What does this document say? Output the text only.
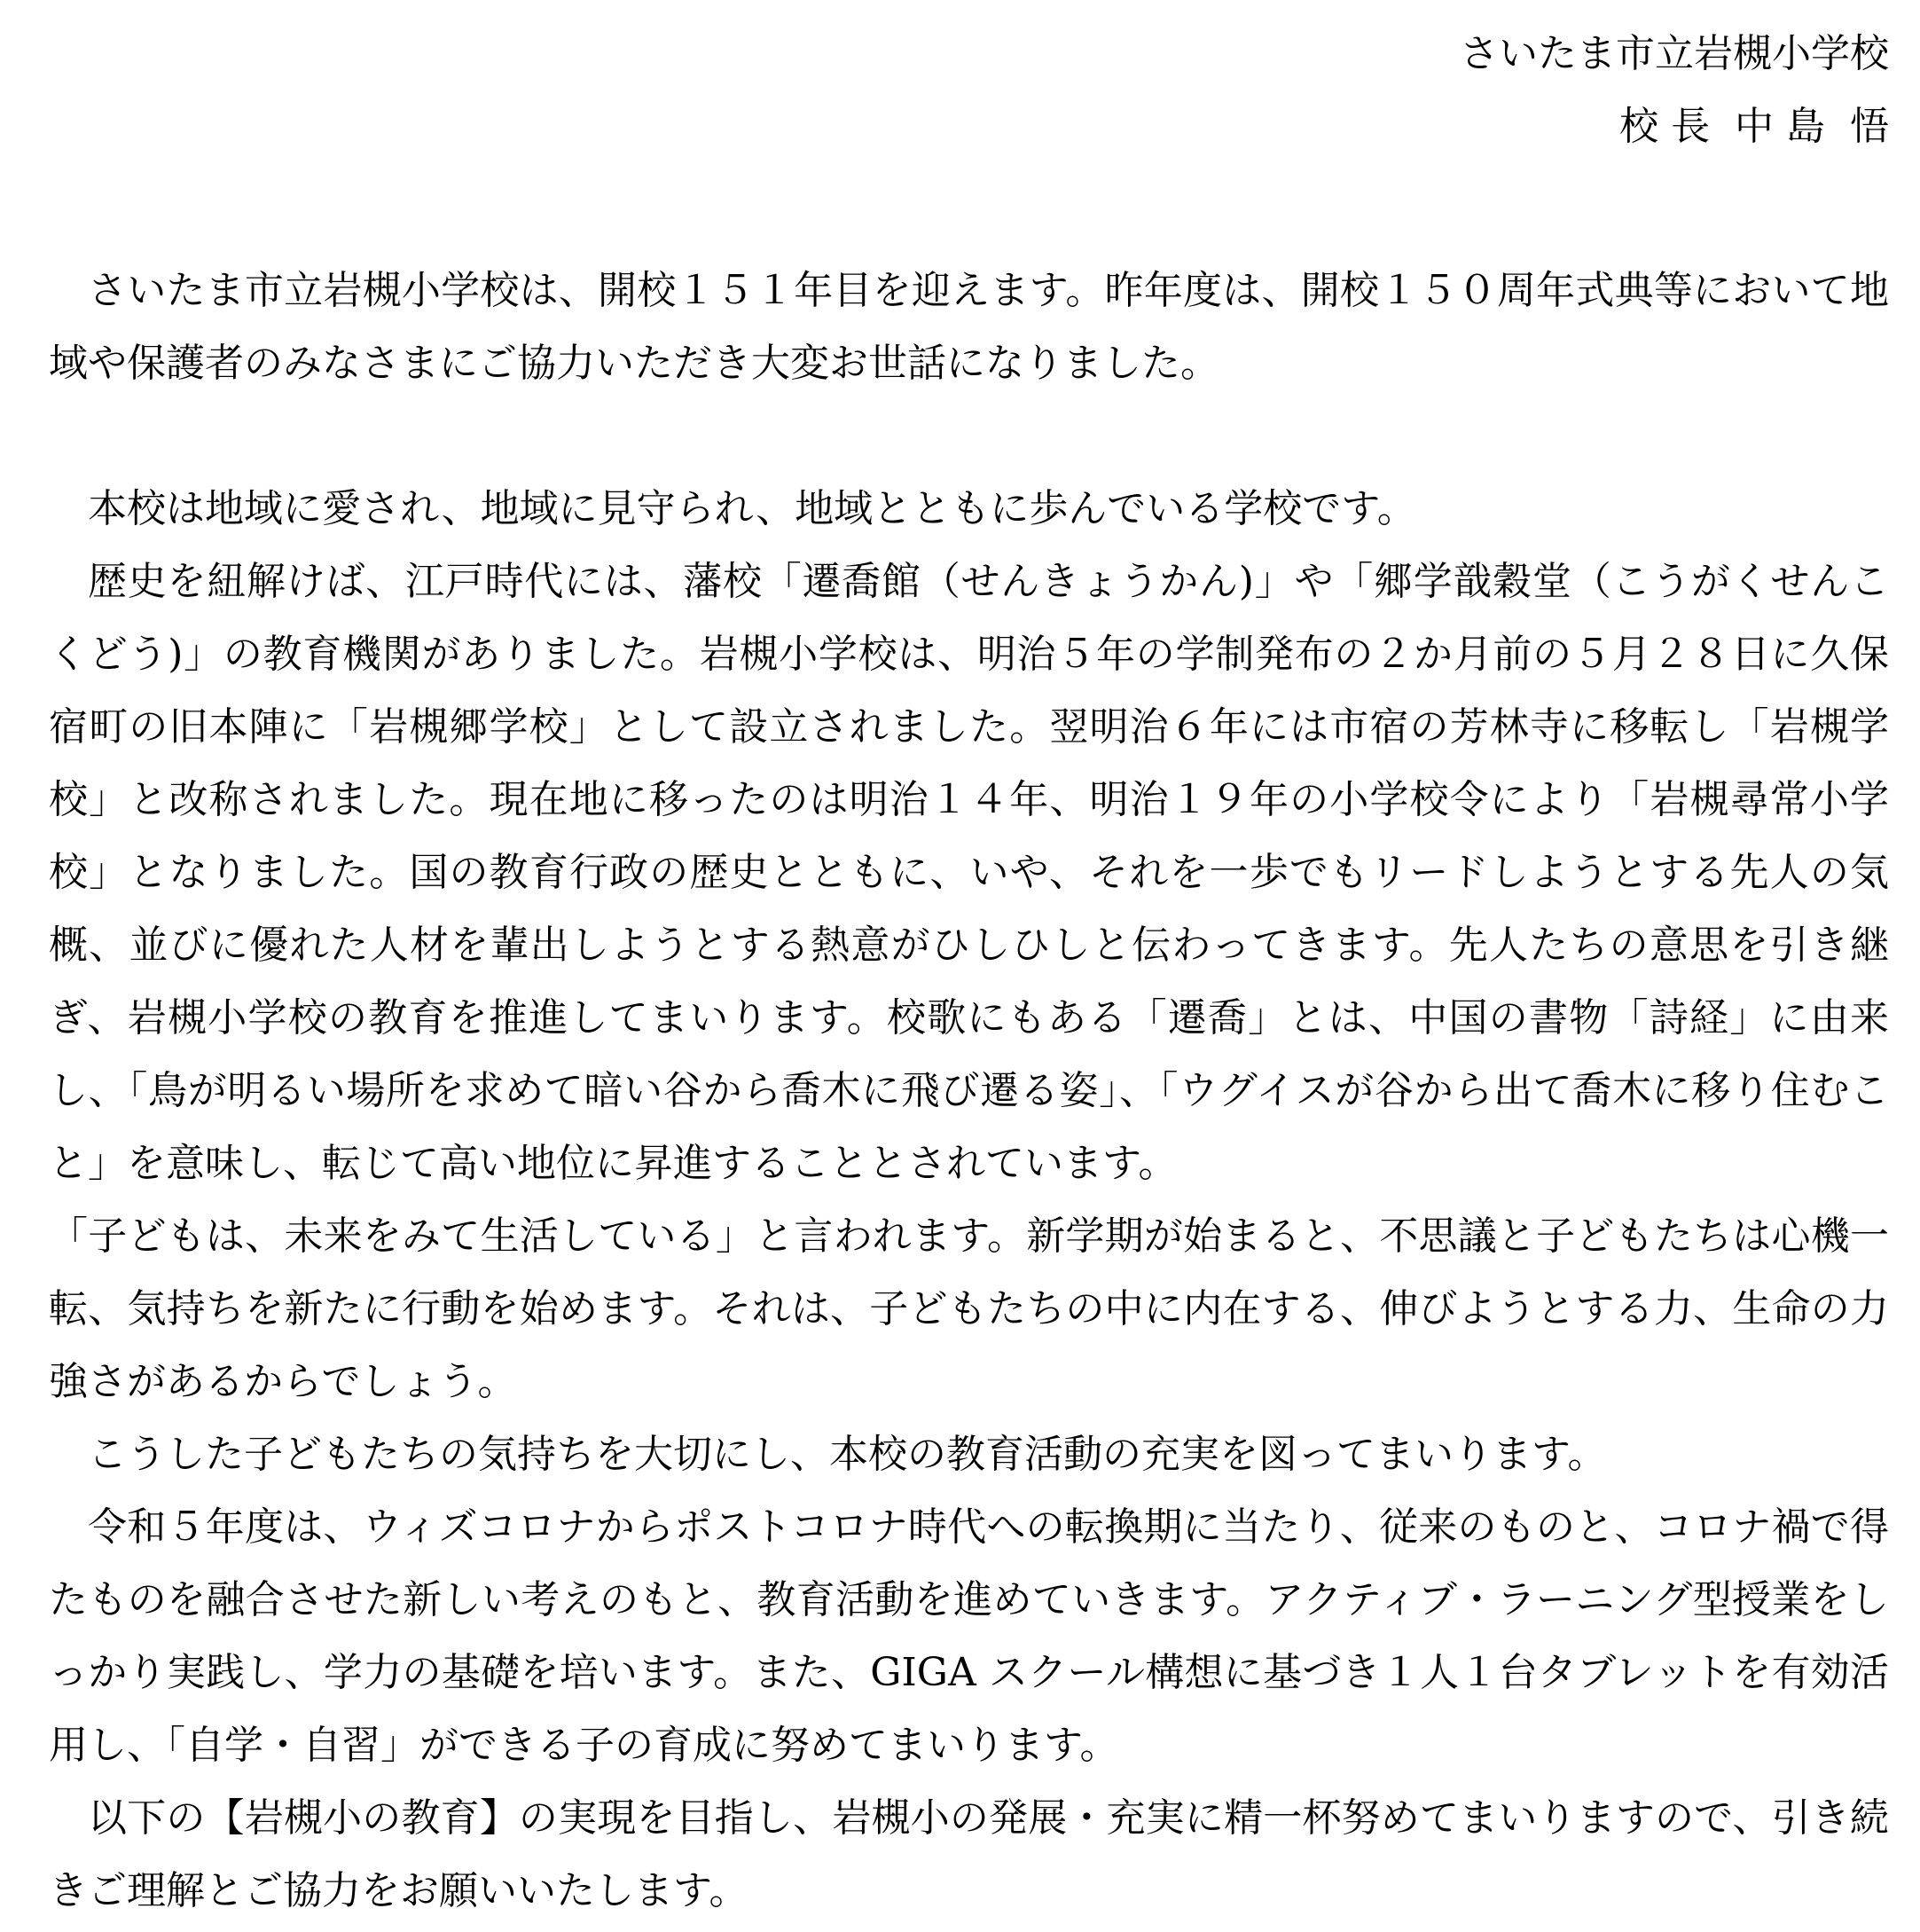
さいたま市立岩槻小学校
校 長  中 島  悟

さいたま市立岩槻小学校は、開校１５１年目を迎えます。昨年度は、開校１５０周年式典等において地域や保護者のみなさまにご協力いただき大変お世話になりました。

本校は地域に愛され、地域に見守られ、地域とともに歩んでいる学校です。

歴史を紐解けば、江戸時代には、藩校「遷喬館（せんきょうかん)」や「郷学戠穀堂（こうがくせんこくどう)」の教育機関がありました。岩槻小学校は、明治５年の学制発布の２か月前の５月２８日に久保宿町の旧本陣に「岩槻郷学校」として設立されました。翌明治６年には市宿の芳林寺に移転し「岩槻学校」と改称されました。現在地に移ったのは明治１４年、明治１９年の小学校令により「岩槻尋常小学校」となりました。国の教育行政の歴史とともに、いや、それを一歩でもリードしようとする先人の気概、並びに優れた人材を輩出しようとする熱意がひしひしと伝わってきます。先人たちの意思を引き継ぎ、岩槻小学校の教育を推進してまいります。校歌にもある「遷喬」とは、中国の書物「詩経」に由来し、「鳥が明るい場所を求めて暗い谷から喬木に飛び遷る姿」、「ウグイスが谷から出て喬木に移り住むこと」を意味し、転じて高い地位に昇進することとされています。

「子どもは、未来をみて生活している」と言われます。新学期が始まると、不思議と子どもたちは心機一転、気持ちを新たに行動を始めます。それは、子どもたちの中に内在する、伸びようとする力、生命の力強さがあるからでしょう。

こうした子どもたちの気持ちを大切にし、本校の教育活動の充実を図ってまいります。

令和５年度は、ウィズコロナからポストコロナ時代への転換期に当たり、従来のものと、コロナ禍で得たものを融合させた新しい考えのもと、教育活動を進めていきます。アクティブ・ラーニング型授業をしっかり実践し、学力の基礎を培います。また、GIGA スクール構想に基づき１人１台タブレットを有効活用し、「自学・自習」ができる子の育成に努めてまいります。

以下の【岩槻小の教育】の実現を目指し、岩槻小の発展・充実に精一杯努めてまいりますので、引き続きご理解とご協力をお願いいたします。
